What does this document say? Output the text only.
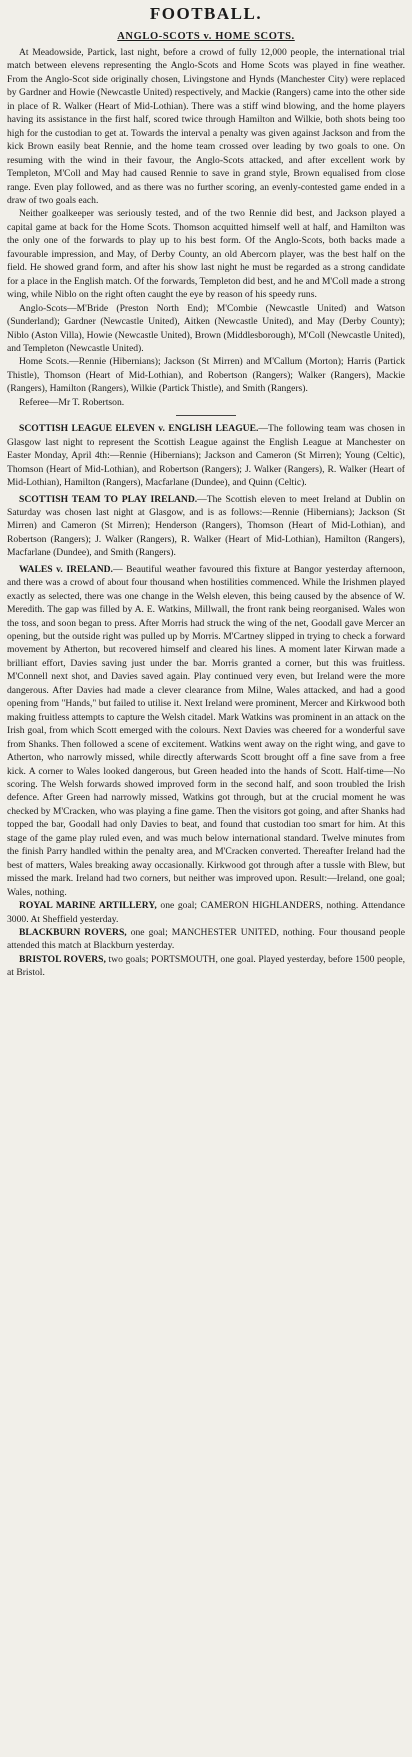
FOOTBALL.
ANGLO-SCOTS v. HOME SCOTS.

At Meadowside, Partick, last night, before a crowd of fully 12,000 people, the international trial match between elevens representing the Anglo-Scots and Home Scots was played in fine weather. From the Anglo-Scot side originally chosen, Livingstone and Hynds (Manchester City) were replaced by Gardner and Howie (Newcastle United) respectively, and Mackie (Rangers) came into the other side in place of R. Walker (Heart of Mid-Lothian). There was a stiff wind blowing, and the home players having its assistance in the first half, scored twice through Hamilton and Wilkie, both shots being too high for the custodian to get at. Towards the interval a penalty was given against Jackson and from the kick Brown easily beat Rennie, and the home team crossed over leading by two goals to one. On resuming with the wind in their favour, the Anglo-Scots attacked, and after excellent work by Templeton, M'Coll and May had caused Rennie to save in grand style, Brown equalised from close range. Even play followed, and as there was no further scoring, an evenly-contested game ended in a draw of two goals each.

Neither goalkeeper was seriously tested, and of the two Rennie did best, and Jackson played a capital game at back for the Home Scots. Thomson acquitted himself well at half, and Hamilton was the only one of the forwards to play up to his best form. Of the Anglo-Scots, both backs made a favourable impression, and May, of Derby County, an old Abercorn player, was the best half on the field. He showed grand form, and after his show last night he must be regarded as a strong candidate for a place in the English match. Of the forwards, Templeton did best, and he and M'Coll made a strong wing, while Niblo on the right often caught the eye by reason of his speedy runs.

Anglo-Scots—M'Bride (Preston North End); M'Combie (Newcastle United) and Watson (Sunderland); Gardner (Newcastle United), Aitken (Newcastle United), and May (Derby County); Niblo (Aston Villa), Howie (Newcastle United), Brown (Middlesborough), M'Coll (Newcastle United), and Templeton (Newcastle United).

Home Scots.—Rennie (Hibernians); Jackson (St Mirren) and M'Callum (Morton); Harris (Partick Thistle), Thomson (Heart of Mid-Lothian), and Robertson (Rangers); Walker (Rangers), Mackie (Rangers), Hamilton (Rangers), Wilkie (Partick Thistle), and Smith (Rangers).

Referee—Mr T. Robertson.

SCOTTISH LEAGUE ELEVEN v. ENGLISH LEAGUE.—The following team was chosen in Glasgow last night to represent the Scottish League against the English League at Manchester on Easter Monday, April 4th:—Rennie (Hibernians); Jackson and Cameron (St Mirren); Young (Celtic), Thomson (Heart of Mid-Lothian), and Robertson (Rangers); J. Walker (Rangers), R. Walker (Heart of Mid-Lothian), Hamilton (Rangers), Macfarlane (Dundee), and Quinn (Celtic).

SCOTTISH TEAM TO PLAY IRELAND.—The Scottish eleven to meet Ireland at Dublin on Saturday was chosen last night at Glasgow, and is as follows:—Rennie (Hibernians); Jackson (St Mirren) and Cameron (St Mirren); Henderson (Rangers), Thomson (Heart of Mid-Lothian), and Robertson (Rangers); J. Walker (Rangers), R. Walker (Heart of Mid-Lothian), Hamilton (Rangers), Macfarlane (Dundee), and Smith (Rangers).

WALES v. IRELAND.— Beautiful weather favoured this fixture at Bangor yesterday afternoon, and there was a crowd of about four thousand when hostilities commenced. While the Irishmen played exactly as selected, there was one change in the Welsh eleven, this being caused by the absence of W. Meredith. The gap was filled by A. E. Watkins, Millwall, the front rank being reorganised. Wales won the toss, and soon began to press. After Morris had struck the wing of the net, Goodall gave Mercer an opening, but the outside right was pulled up by Morris. M'Cartney slipped in trying to check a forward movement by Atherton, but recovered himself and cleared his lines. A moment later Kirwan made a brilliant effort, Davies saving just under the bar. Morris granted a corner, but this was fruitless. M'Connell next shot, and Davies saved again. Play continued very even, but Ireland were the more dangerous. After Davies had made a clever clearance from Milne, Wales attacked, and had a good opening from "Hands," but failed to utilise it. Next Ireland were prominent, Mercer and Kirkwood both making fruitless attempts to capture the Welsh citadel. Mark Watkins was prominent in an attack on the Irish goal, from which Scott emerged with the colours. Next Davies was cheered for a wonderful save from Shanks. Then followed a scene of excitement. Watkins went away on the right wing, and gave to Atherton, who narrowly missed, while directly afterwards Scott brought off a fine save from a free kick. A corner to Wales looked dangerous, but Green headed into the hands of Scott. Half-time—No scoring. The Welsh forwards showed improved form in the second half, and soon troubled the Irish defence. After Green had narrowly missed, Watkins got through, but at the crucial moment he was checked by M'Cracken, who was playing a fine game. Then the visitors got going, and after Shanks had topped the bar, Goodall had only Davies to beat, and found that custodian too smart for him. At this stage of the game play ruled even, and was much below international standard. Twelve minutes from the finish Parry handled within the penalty area, and M'Cracken converted. Thereafter Ireland had the best of matters, Wales breaking away occasionally. Kirkwood got through after a tussle with Blew, but missed the mark. Ireland had two corners, but neither was improved upon. Result:—Ireland, one goal; Wales, nothing.

ROYAL MARINE ARTILLERY, one goal; CAMERON HIGHLANDERS, nothing. Attendance 3000. At Sheffield yesterday.

BLACKBURN ROVERS, one goal; MANCHESTER UNITED, nothing. Four thousand people attended this match at Blackburn yesterday.

BRISTOL ROVERS, two goals; PORTSMOUTH, one goal. Played yesterday, before 1500 people, at Bristol.
